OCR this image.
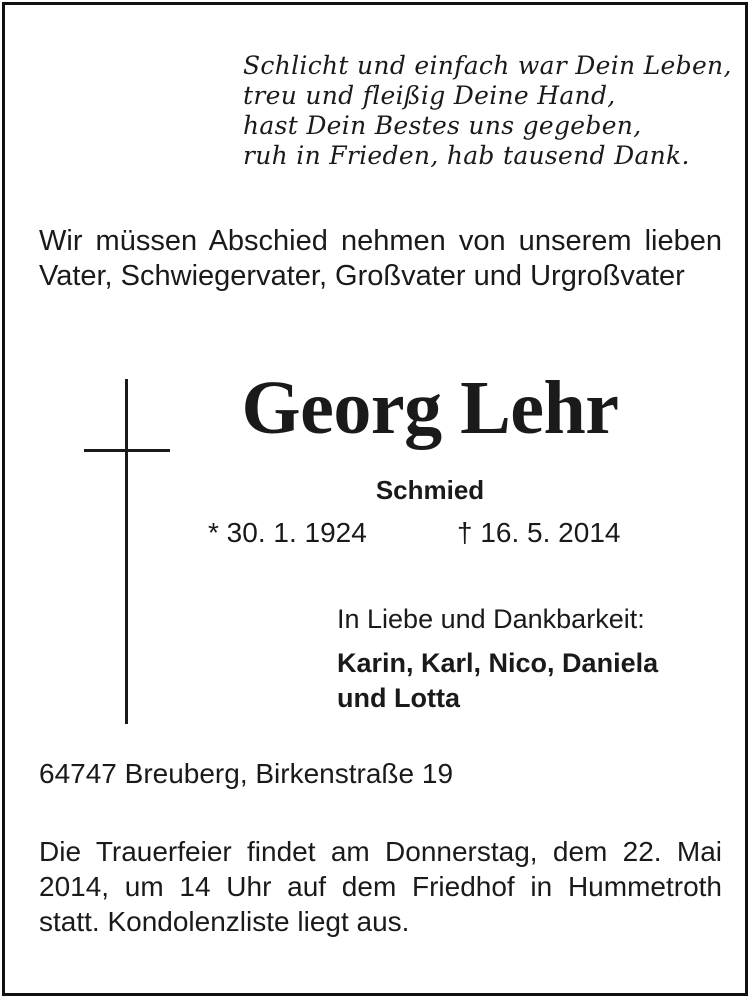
Schlicht und einfach war Dein Leben,
treu und fleißig Deine Hand,
hast Dein Bestes uns gegeben,
ruh in Frieden, hab tausend Dank.
Wir müssen Abschied nehmen von unserem lieben Vater, Schwiegervater, Großvater und Urgroßvater
Georg Lehr
Schmied
* 30. 1. 1924	† 16. 5. 2014
In Liebe und Dankbarkeit:
Karin, Karl, Nico, Daniela
und Lotta
64747 Breuberg, Birkenstraße 19
Die Trauerfeier findet am Donnerstag, dem 22. Mai 2014, um 14 Uhr auf dem Friedhof in Hummetroth statt. Kondolenzliste liegt aus.
